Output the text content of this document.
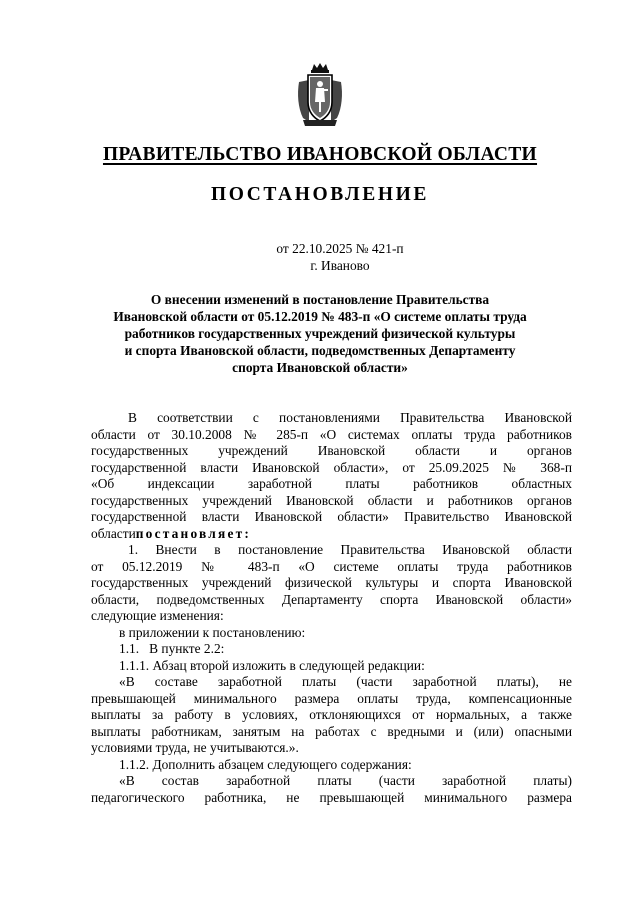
ПРАВИТЕЛЬСТВО ИВАНОВСКОЙ ОБЛАСТИ
ПОСТАНОВЛЕНИЕ
от 22.10.2025 № 421-п
г. Иваново
О внесении изменений в постановление Правительства
Ивановской области от 05.12.2019 № 483-п «О системе оплаты труда
работников государственных учреждений физической культуры
и спорта Ивановской области, подведомственных Департаменту
спорта Ивановской области»
В соответствии с постановлениями Правительства Ивановской
области от 30.10.2008 № 285-п «О системах оплаты труда работников
государственных учреждений Ивановской области и органов
государственной власти Ивановской области», от 25.09.2025 № 368-п
«Об индексации заработной платы работников областных
государственных учреждений Ивановской области и работников органов
государственной власти Ивановской области» Правительство Ивановской
областипостановляет:
1. Внести в постановление Правительства Ивановской области
от 05.12.2019 № 483-п «О системе оплаты труда работников
государственных учреждений физической культуры и спорта Ивановской
области, подведомственных Департаменту спорта Ивановской области»
следующие изменения:
в приложении к постановлению:
1.1.   В пункте 2.2:
1.1.1. Абзац второй изложить в следующей редакции:
«В составе заработной платы (части заработной платы), не
превышающей минимального размера оплаты труда, компенсационные
выплаты за работу в условиях, отклоняющихся от нормальных, а также
выплаты работникам, занятым на работах с вредными и (или) опасными
условиями труда, не учитываются.».
1.1.2. Дополнить абзацем следующего содержания:
«В состав заработной платы (части заработной платы)
педагогического работника, не превышающей минимального размера
